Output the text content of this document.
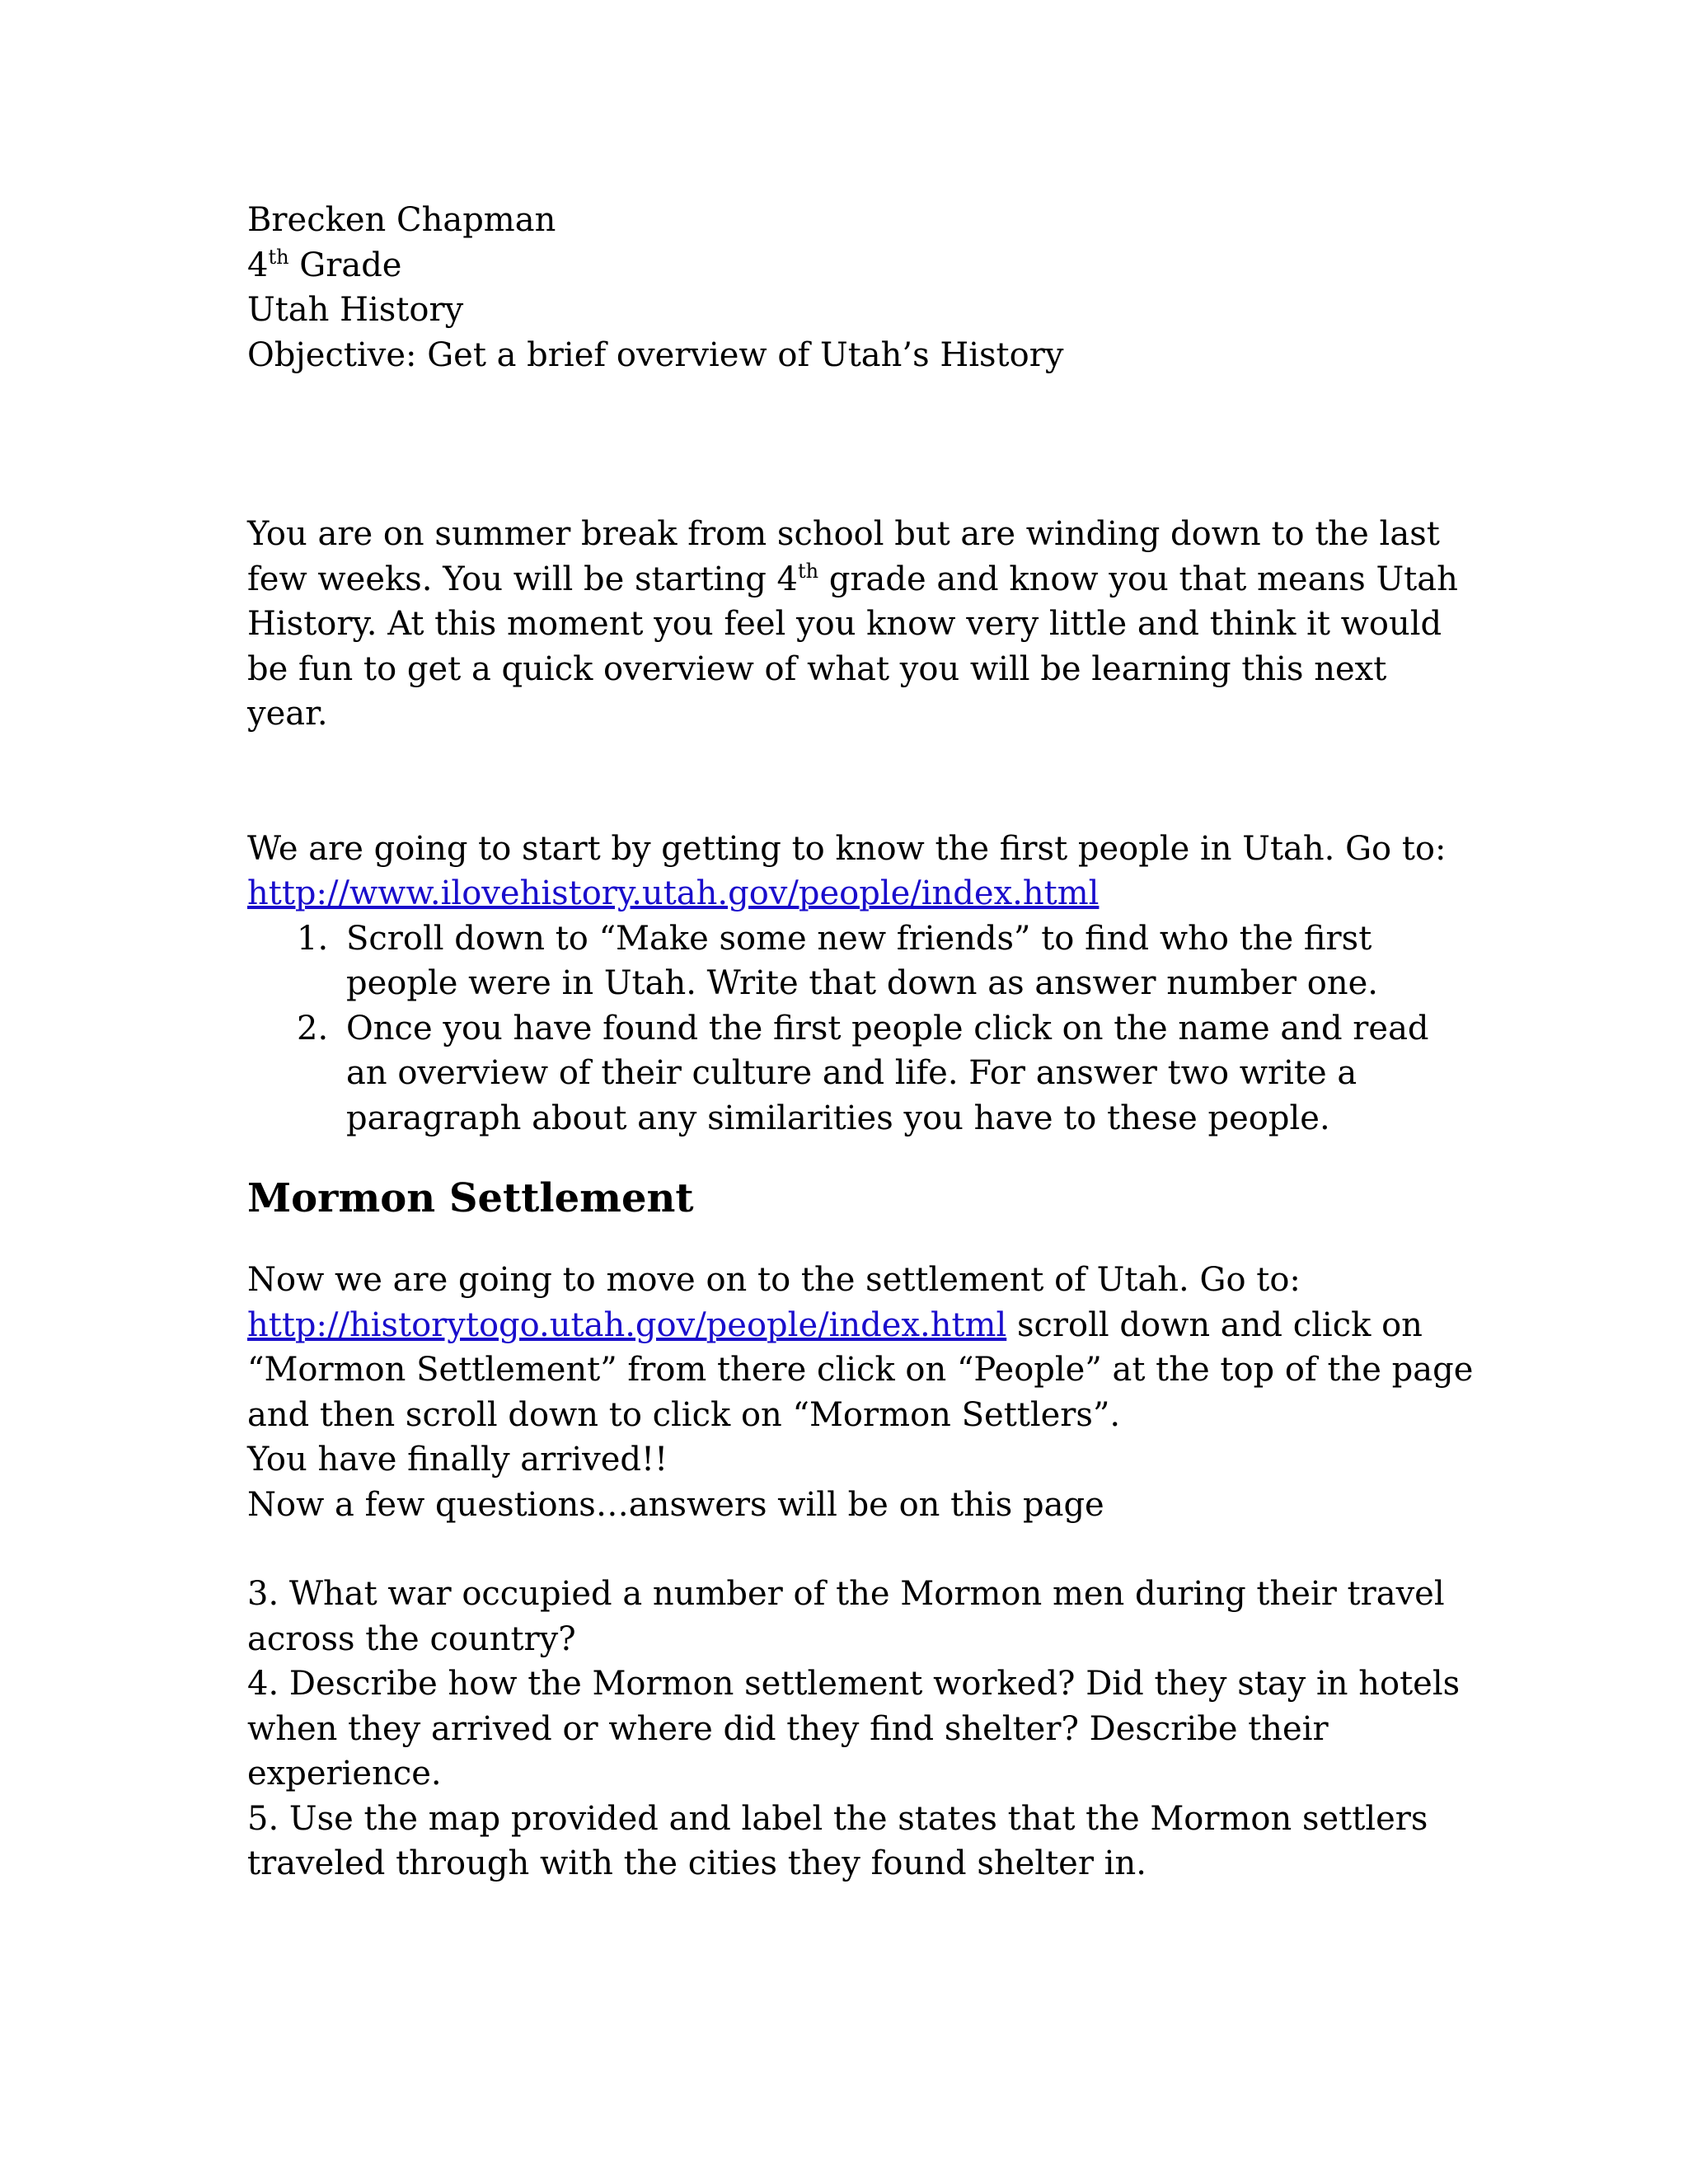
Brecken Chapman
4th Grade
Utah History
Objective: Get a brief overview of Utah’s History
You are on summer break from school but are winding down to the last
few weeks. You will be starting 4th grade and know you that means Utah
History. At this moment you feel you know very little and think it would
be fun to get a quick overview of what you will be learning this next
year.
We are going to start by getting to know the first people in Utah. Go to:
http://www.ilovehistory.utah.gov/people/index.html
1. Scroll down to “Make some new friends” to find who the first
people were in Utah. Write that down as answer number one.
2. Once you have found the first people click on the name and read
an overview of their culture and life. For answer two write a
paragraph about any similarities you have to these people.
Mormon Settlement
Now we are going to move on to the settlement of Utah. Go to:
http://historytogo.utah.gov/people/index.html scroll down and click on
“Mormon Settlement” from there click on “People” at the top of the page
and then scroll down to click on “Mormon Settlers”.
You have finally arrived!!
Now a few questions…answers will be on this page
3. What war occupied a number of the Mormon men during their travel
across the country?
4. Describe how the Mormon settlement worked? Did they stay in hotels
when they arrived or where did they find shelter? Describe their
experience.
5. Use the map provided and label the states that the Mormon settlers
traveled through with the cities they found shelter in.
